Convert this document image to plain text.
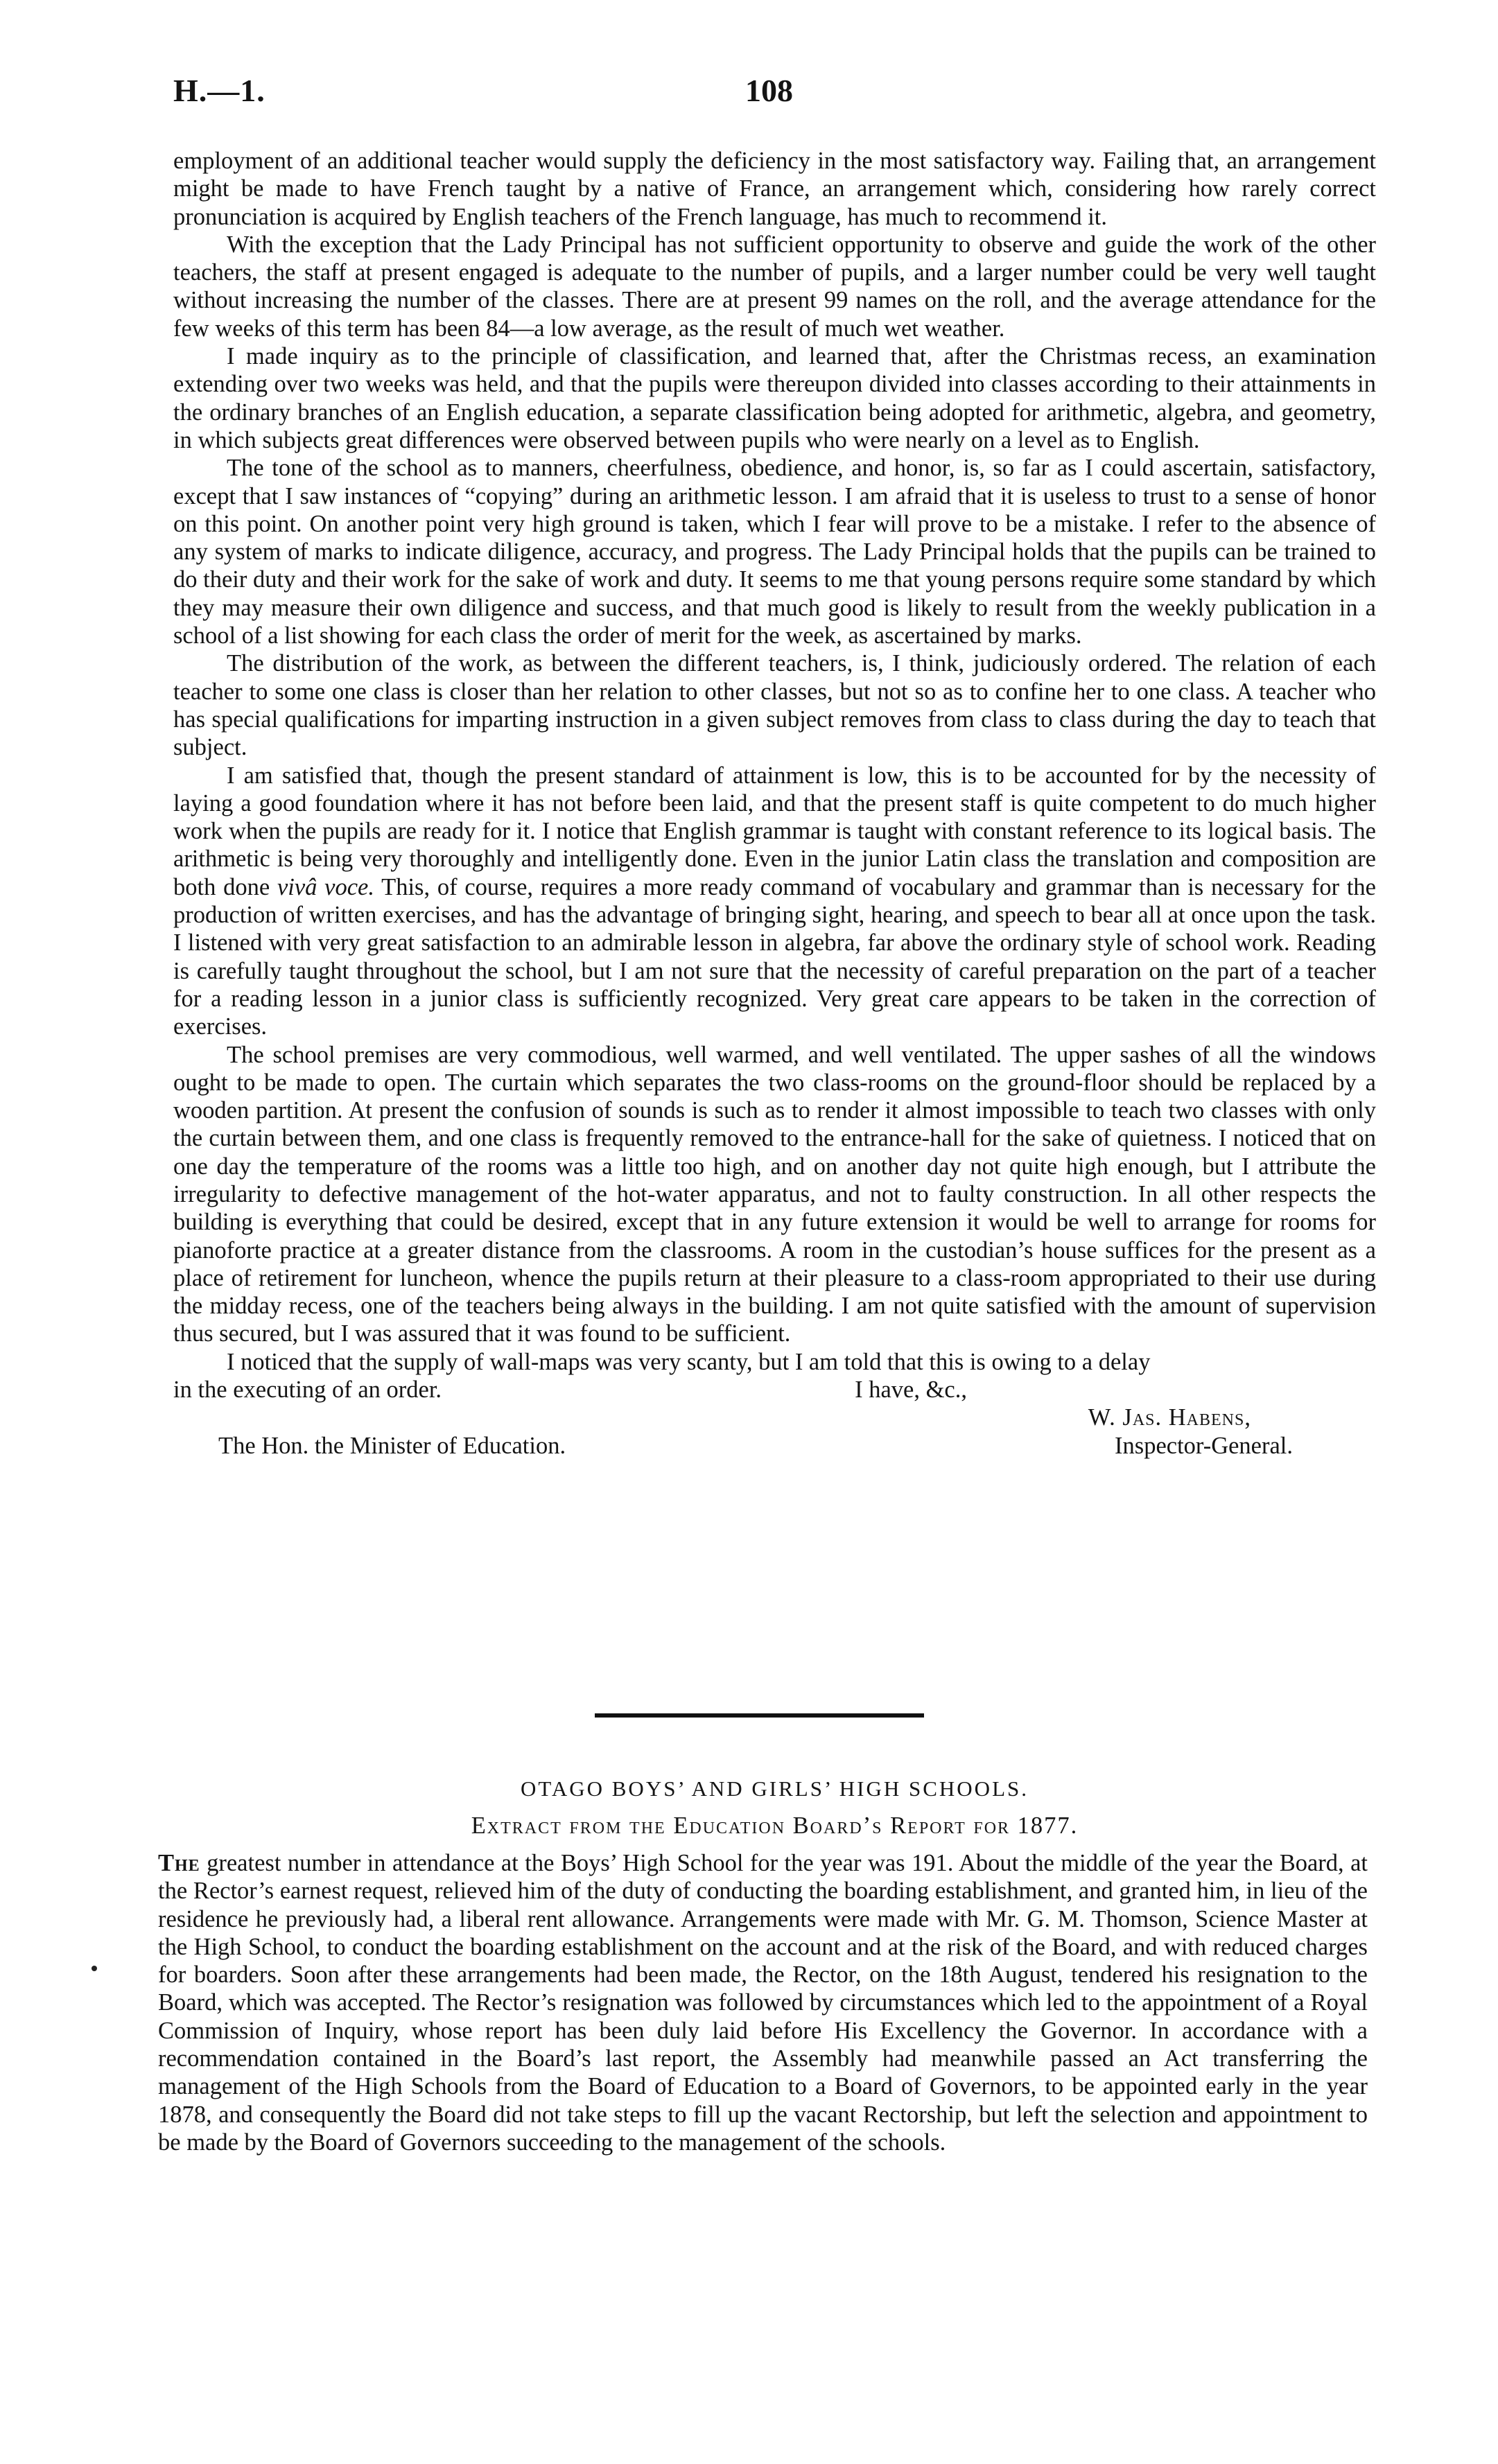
H.—1.	108

employment of an additional teacher would supply the deficiency in the most satisfactory way. Failing that, an arrangement might be made to have French taught by a native of France, an arrangement which, considering how rarely correct pronunciation is acquired by English teachers of the French language, has much to recommend it.

With the exception that the Lady Principal has not sufficient opportunity to observe and guide the work of the other teachers, the staff at present engaged is adequate to the number of pupils, and a larger number could be very well taught without increasing the number of the classes. There are at present 99 names on the roll, and the average attendance for the few weeks of this term has been 84—a low average, as the result of much wet weather.

I made inquiry as to the principle of classification, and learned that, after the Christmas recess, an examination extending over two weeks was held, and that the pupils were thereupon divided into classes according to their attainments in the ordinary branches of an English education, a separate classification being adopted for arithmetic, algebra, and geometry, in which subjects great differences were observed between pupils who were nearly on a level as to English.

The tone of the school as to manners, cheerfulness, obedience, and honor, is, so far as I could ascertain, satisfactory, except that I saw instances of “copying” during an arithmetic lesson. I am afraid that it is useless to trust to a sense of honor on this point. On another point very high ground is taken, which I fear will prove to be a mistake. I refer to the absence of any system of marks to indicate diligence, accuracy, and progress. The Lady Principal holds that the pupils can be trained to do their duty and their work for the sake of work and duty. It seems to me that young persons require some standard by which they may measure their own diligence and success, and that much good is likely to result from the weekly publication in a school of a list showing for each class the order of merit for the week, as ascertained by marks.

The distribution of the work, as between the different teachers, is, I think, judiciously ordered. The relation of each teacher to some one class is closer than her relation to other classes, but not so as to confine her to one class. A teacher who has special qualifications for imparting instruction in a given subject removes from class to class during the day to teach that subject.

I am satisfied that, though the present standard of attainment is low, this is to be accounted for by the necessity of laying a good foundation where it has not before been laid, and that the present staff is quite competent to do much higher work when the pupils are ready for it. I notice that English grammar is taught with constant reference to its logical basis. The arithmetic is being very thoroughly and intelligently done. Even in the junior Latin class the translation and composition are both done vivâ voce. This, of course, requires a more ready command of vocabulary and grammar than is necessary for the production of written exercises, and has the advantage of bringing sight, hearing, and speech to bear all at once upon the task. I listened with very great satisfaction to an admirable lesson in algebra, far above the ordinary style of school work. Reading is carefully taught throughout the school, but I am not sure that the necessity of careful preparation on the part of a teacher for a reading lesson in a junior class is sufficiently recognized. Very great care appears to be taken in the correction of exercises.

The school premises are very commodious, well warmed, and well ventilated. The upper sashes of all the windows ought to be made to open. The curtain which separates the two class-rooms on the ground-floor should be replaced by a wooden partition. At present the confusion of sounds is such as to render it almost impossible to teach two classes with only the curtain between them, and one class is frequently removed to the entrance-hall for the sake of quietness. I noticed that on one day the temperature of the rooms was a little too high, and on another day not quite high enough, but I attribute the irregularity to defective management of the hot-water apparatus, and not to faulty construction. In all other respects the building is everything that could be desired, except that in any future extension it would be well to arrange for rooms for pianoforte practice at a greater distance from the classrooms. A room in the custodian’s house suffices for the present as a place of retirement for luncheon, whence the pupils return at their pleasure to a class-room appropriated to their use during the midday recess, one of the teachers being always in the building. I am not quite satisfied with the amount of supervision thus secured, but I was assured that it was found to be sufficient.

I noticed that the supply of wall-maps was very scanty, but I am told that this is owing to a delay

in the executing of an order.	I have, &c.,
W. Jas. Habens,
The Hon. the Minister of Education.	Inspector-General.
OTAGO BOYS’ AND GIRLS’ HIGH SCHOOLS.
Extract from the Education Board’s Report for 1877.

The greatest number in attendance at the Boys’ High School for the year was 191. About the middle of the year the Board, at the Rector’s earnest request, relieved him of the duty of conducting the boarding establishment, and granted him, in lieu of the residence he previously had, a liberal rent allowance. Arrangements were made with Mr. G. M. Thomson, Science Master at the High School, to conduct the boarding establishment on the account and at the risk of the Board, and with reduced charges for boarders. Soon after these arrangements had been made, the Rector, on the 18th August, tendered his resignation to the Board, which was accepted. The Rector’s resignation was followed by circumstances which led to the appointment of a Royal Commission of Inquiry, whose report has been duly laid before His Excellency the Governor. In accordance with a recommendation contained in the Board’s last report, the Assembly had meanwhile passed an Act transferring the management of the High Schools from the Board of Education to a Board of Governors, to be appointed early in the year 1878, and consequently the Board did not take steps to fill up the vacant Rectorship, but left the selection and appointment to be made by the Board of Governors succeeding to the management of the schools.
